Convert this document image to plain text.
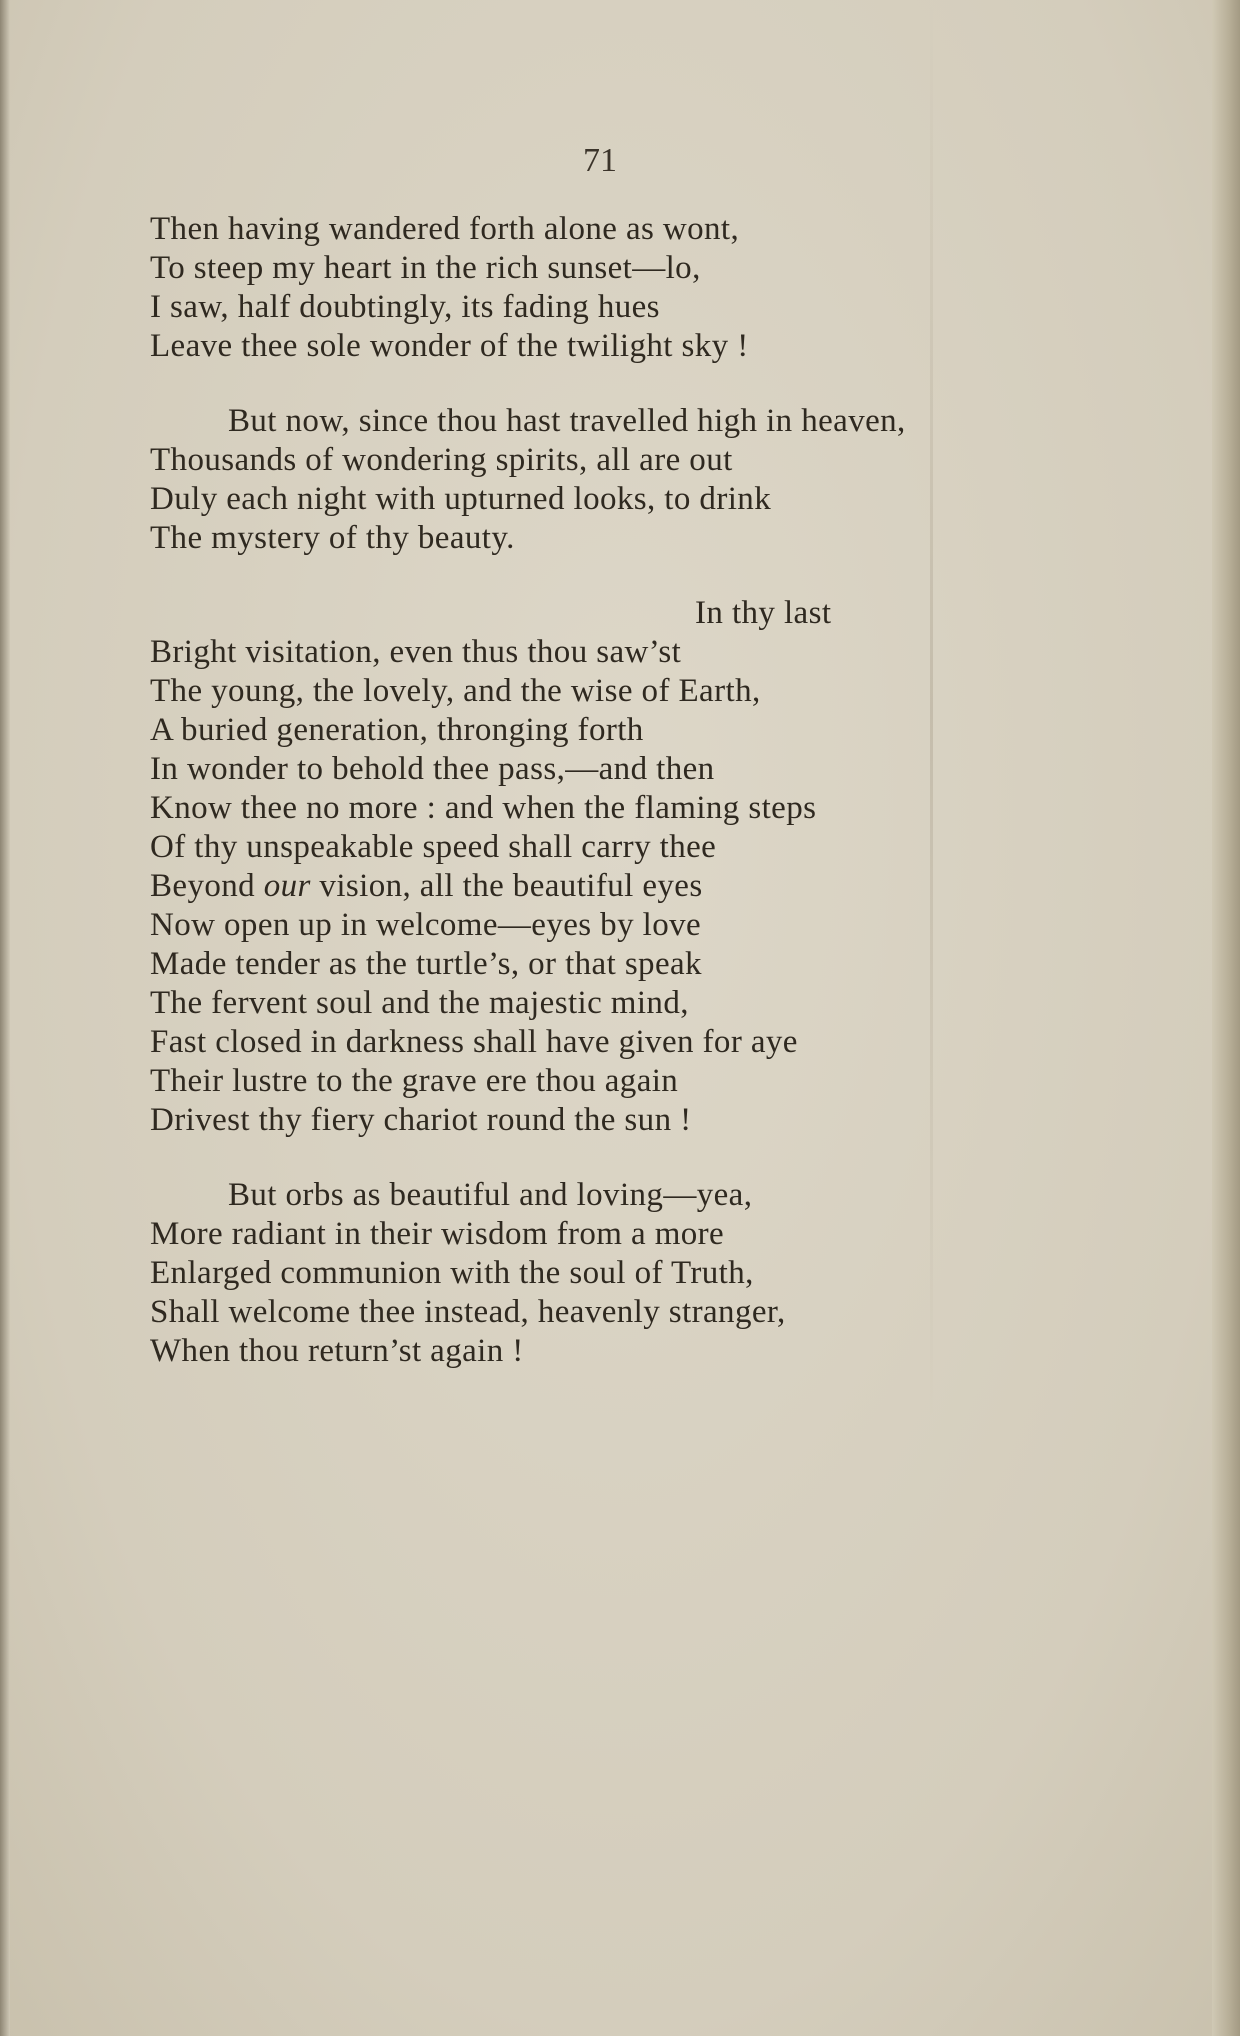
71
Then having wandered forth alone as wont,
To steep my heart in the rich sunset—lo,
I saw, half doubtingly, its fading hues
Leave thee sole wonder of the twilight sky !
But now, since thou hast travelled high in heaven,
Thousands of wondering spirits, all are out
Duly each night with upturned looks, to drink
The mystery of thy beauty.
In thy last
Bright visitation, even thus thou saw’st
The young, the lovely, and the wise of Earth,
A buried generation, thronging forth
In wonder to behold thee pass,—and then
Know thee no more : and when the flaming steps
Of thy unspeakable speed shall carry thee
Beyond our vision, all the beautiful eyes
Now open up in welcome—eyes by love
Made tender as the turtle’s, or that speak
The fervent soul and the majestic mind,
Fast closed in darkness shall have given for aye
Their lustre to the grave ere thou again
Drivest thy fiery chariot round the sun !
But orbs as beautiful and loving—yea,
More radiant in their wisdom from a more
Enlarged communion with the soul of Truth,
Shall welcome thee instead, heavenly stranger,
When thou return’st again !
